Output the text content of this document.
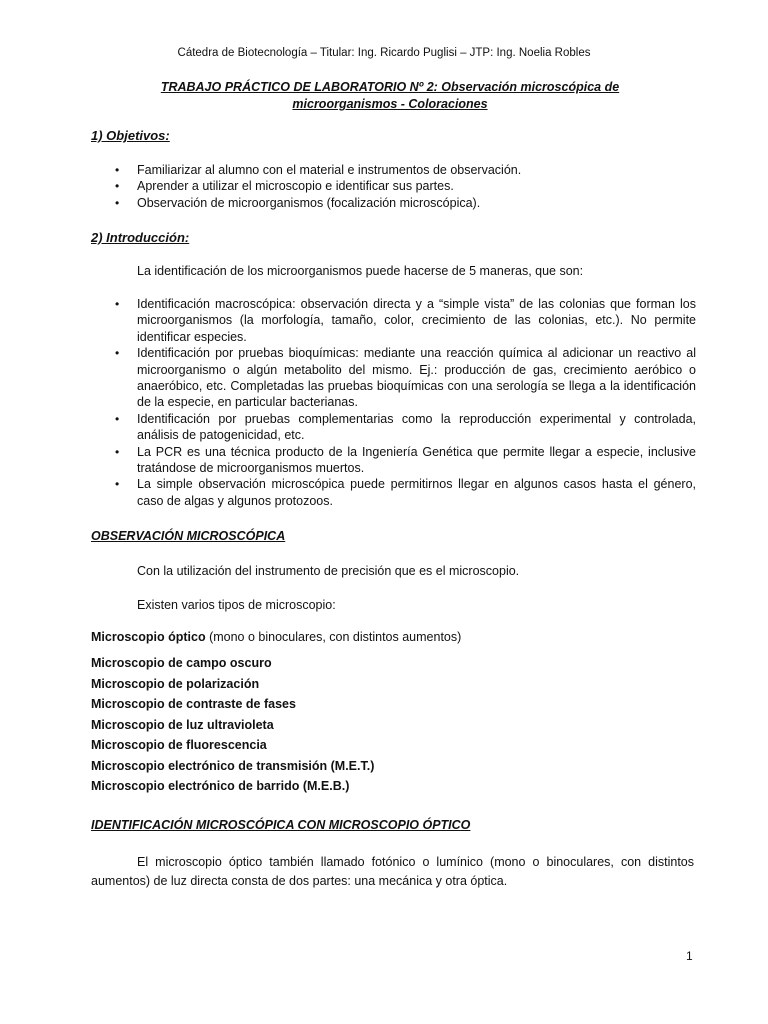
Cátedra de Biotecnología – Titular: Ing. Ricardo Puglisi – JTP: Ing. Noelia Robles
TRABAJO PRÁCTICO DE LABORATORIO Nº 2: Observación microscópica de microorganismos - Coloraciones
1) Objetivos:
• Familiarizar al alumno con el material e instrumentos de observación.
• Aprender a utilizar el microscopio e identificar sus partes.
• Observación de microorganismos (focalización microscópica).
2) Introducción:
La identificación de los microorganismos puede hacerse de 5 maneras, que son:
• Identificación macroscópica: observación directa y a “simple vista” de las colonias que forman los microorganismos (la morfología, tamaño, color, crecimiento de las colonias, etc.). No permite identificar especies.
• Identificación por pruebas bioquímicas: mediante una reacción química al adicionar un reactivo al microorganismo o algún metabolito del mismo. Ej.: producción de gas, crecimiento aeróbico o anaeróbico, etc. Completadas las pruebas bioquímicas con una serología se llega a la identificación de la especie, en particular bacterianas.
• Identificación por pruebas complementarias como la reproducción experimental y controlada, análisis de patogenicidad, etc.
• La PCR es una técnica producto de la Ingeniería Genética que permite llegar a especie, inclusive tratándose de microorganismos muertos.
• La simple observación microscópica puede permitirnos llegar en algunos casos hasta el género, caso de algas y algunos protozoos.
OBSERVACIÓN MICROSCÓPICA
Con la utilización del instrumento de precisión que es el microscopio.
Existen varios tipos de microscopio:
Microscopio óptico (mono o binoculares, con distintos aumentos)
Microscopio de campo oscuro
Microscopio de polarización
Microscopio de contraste de fases
Microscopio de luz ultravioleta
Microscopio de fluorescencia
Microscopio electrónico de transmisión (M.E.T.)
Microscopio electrónico de barrido (M.E.B.)
IDENTIFICACIÓN MICROSCÓPICA CON MICROSCOPIO ÓPTICO
El microscopio óptico también llamado fotónico o lumínico (mono o binoculares, con distintos aumentos) de luz directa consta de dos partes: una mecánica y otra óptica.
1
